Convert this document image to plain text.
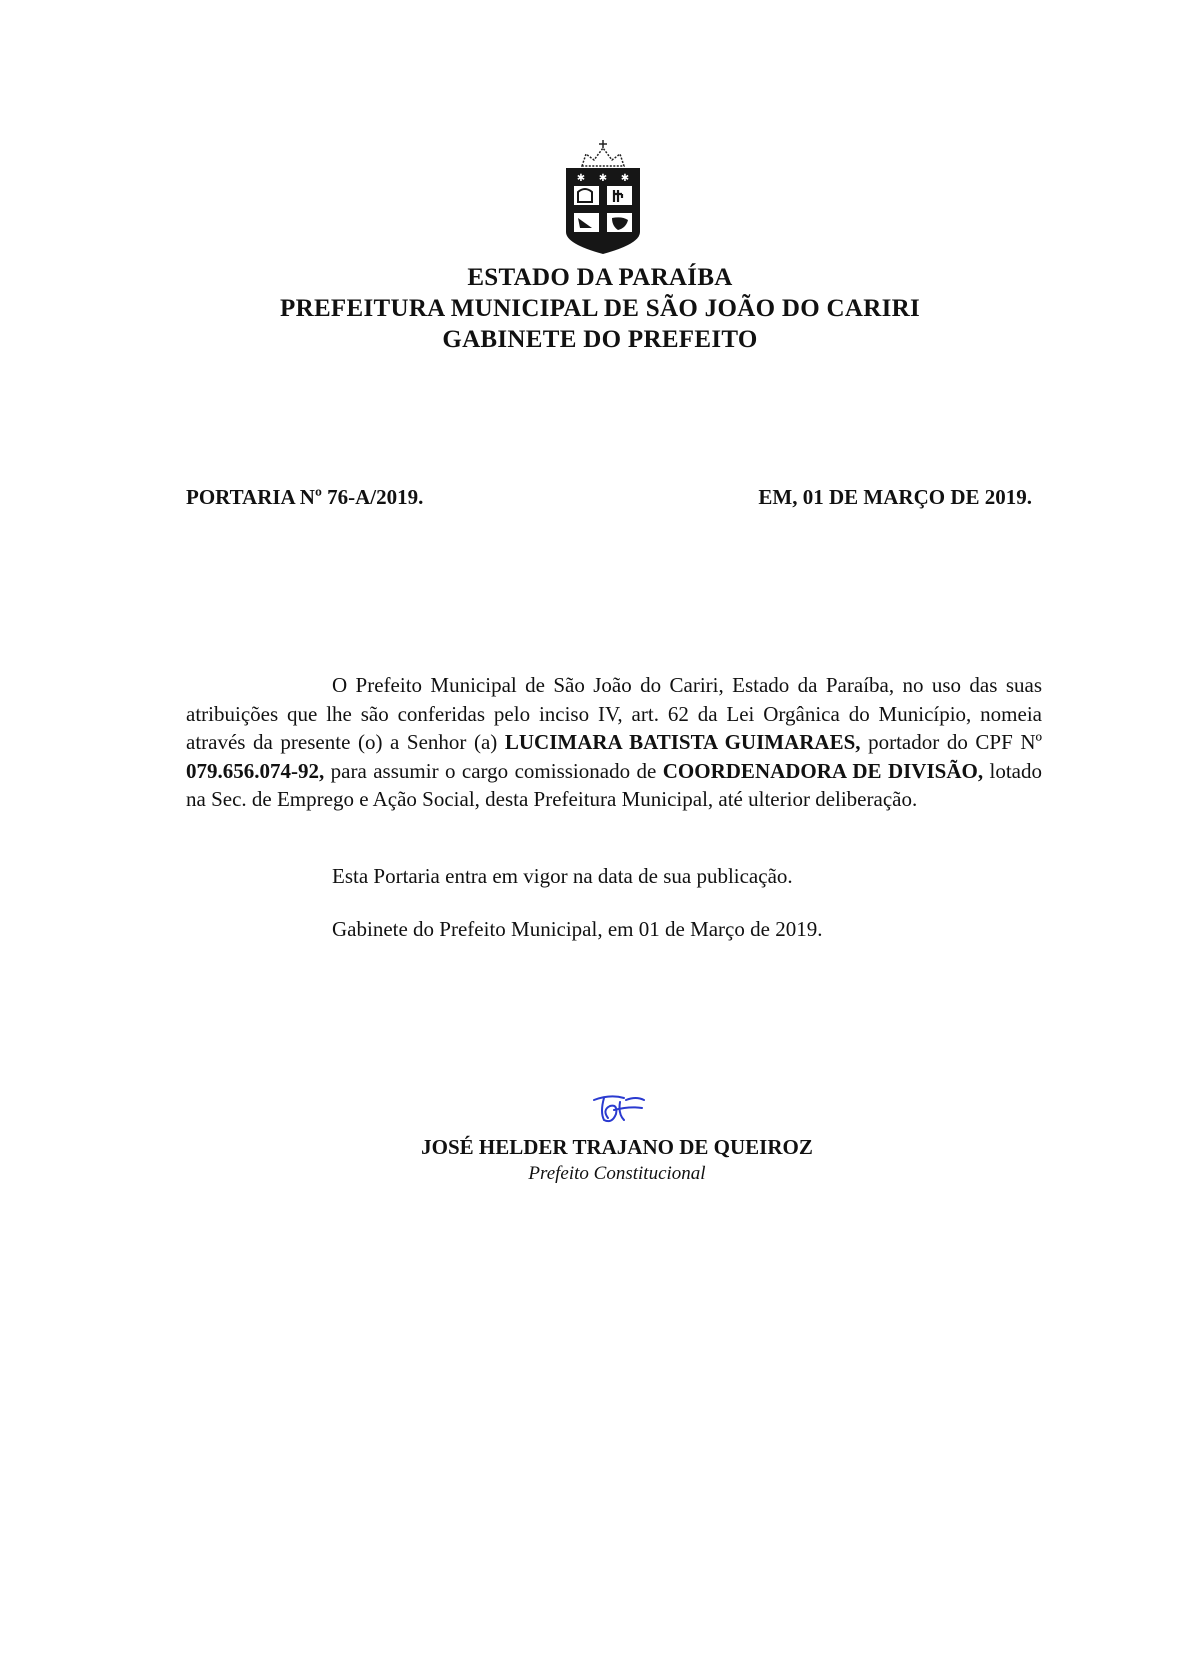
✱ ✱ ✱
ESTADO DA PARAÍBA
PREFEITURA MUNICIPAL DE SÃO JOÃO DO CARIRI
GABINETE DO PREFEITO
PORTARIA Nº 76-A/2019.	EM, 01 DE MARÇO DE 2019.
O Prefeito Municipal de São João do Cariri, Estado da Paraíba, no uso das suas atribuições que lhe são conferidas pelo inciso IV, art. 62 da Lei Orgânica do Município, nomeia através da presente (o) a Senhor (a) LUCIMARA BATISTA GUIMARAES, portador do CPF Nº 079.656.074-92, para assumir o cargo comissionado de COORDENADORA DE DIVISÃO, lotado na Sec. de Emprego e Ação Social, desta Prefeitura Municipal, até ulterior deliberação.
Esta Portaria entra em vigor na data de sua publicação.
Gabinete do Prefeito Municipal, em 01 de Março de 2019.
JOSÉ HELDER TRAJANO DE QUEIROZ
Prefeito Constitucional
